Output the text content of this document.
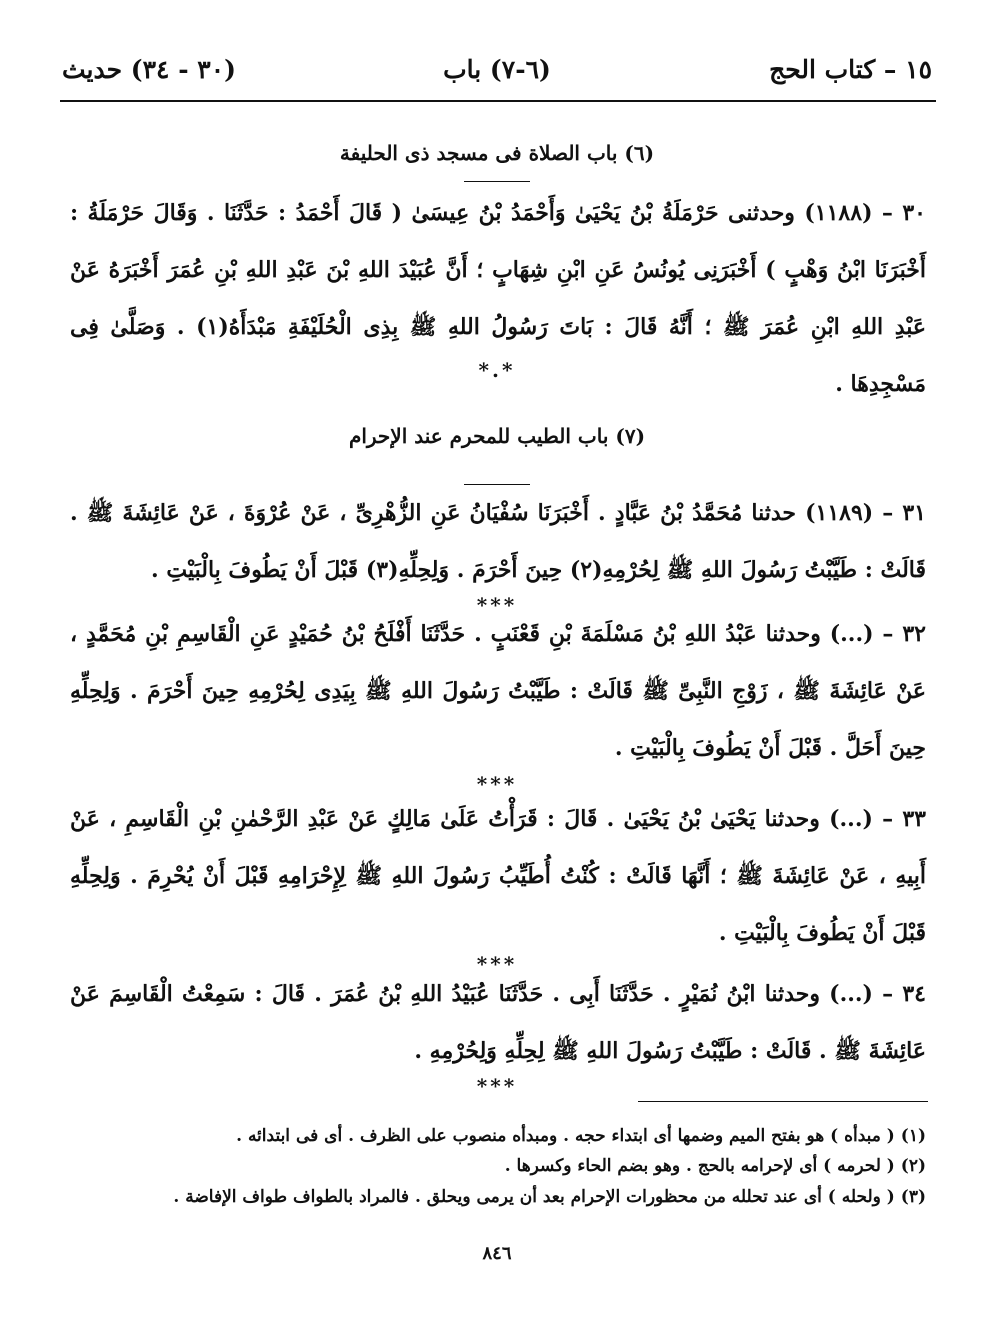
١٥ – كتاب الحج
(٦-٧) باب
(٣٠ - ٣٤) حديث
(٦) باب الصلاة فى مسجد ذى الحليفة
٣٠ – (١١٨٨) وحدثنى حَرْمَلَةُ بْنُ يَحْيَىٰ وَأَحْمَدُ بْنُ عِيسَىٰ ( قَالَ أَحْمَدُ : حَدَّثَنَا . وَقَالَ حَرْمَلَةُ : أَخْبَرَنَا ابْنُ وَهْبٍ ) أَخْبَرَنِى يُونُسُ عَنِ ابْنِ شِهَابٍ ؛ أَنَّ عُبَيْدَ اللهِ بْنَ عَبْدِ اللهِ بْنِ عُمَرَ أَخْبَرَهُ عَنْ عَبْدِ اللهِ ابْنِ عُمَرَ ﷺ ؛ أَنَّهُ قَالَ : بَاتَ رَسُولُ اللهِ ﷺ بِذِى الْحُلَيْفَةِ مَبْدَأَهُ(١) . وَصَلَّىٰ فِى مَسْجِدِهَا .
*.*
(٧) باب الطيب للمحرم عند الإحرام
٣١ – (١١٨٩) حدثنا مُحَمَّدُ بْنُ عَبَّادٍ . أَخْبَرَنَا سُفْيَانُ عَنِ الزُّهْرِىِّ ، عَنْ عُرْوَةَ ، عَنْ عَائِشَةَ ﷺ . قَالَتْ : طَيَّبْتُ رَسُولَ اللهِ ﷺ لِحُرْمِهِ(٢) حِينَ أَحْرَمَ . وَلِحِلِّهِ(٣) قَبْلَ أَنْ يَطُوفَ بِالْبَيْتِ .
***
٣٢ – (...) وحدثنا عَبْدُ اللهِ بْنُ مَسْلَمَةَ بْنِ قَعْنَبٍ . حَدَّثَنَا أَفْلَحُ بْنُ حُمَيْدٍ عَنِ الْقَاسِمِ بْنِ مُحَمَّدٍ ، عَنْ عَائِشَةَ ﷺ ، زَوْجِ النَّبِىِّ ﷺ قَالَتْ : طَيَّبْتُ رَسُولَ اللهِ ﷺ بِيَدِى لِحُرْمِهِ حِينَ أَحْرَمَ . وَلِحِلِّهِ حِينَ أَحَلَّ . قَبْلَ أَنْ يَطُوفَ بِالْبَيْتِ .
***
٣٣ – (...) وحدثنا يَحْيَىٰ بْنُ يَحْيَىٰ . قَالَ : قَرَأْتُ عَلَىٰ مَالِكٍ عَنْ عَبْدِ الرَّحْمٰنِ بْنِ الْقَاسِمِ ، عَنْ أَبِيهِ ، عَنْ عَائِشَةَ ﷺ ؛ أَنَّهَا قَالَتْ : كُنْتُ أُطَيِّبُ رَسُولَ اللهِ ﷺ لِإِحْرَامِهِ قَبْلَ أَنْ يُحْرِمَ . وَلِحِلِّهِ قَبْلَ أَنْ يَطُوفَ بِالْبَيْتِ .
***
٣٤ – (...) وحدثنا ابْنُ نُمَيْرٍ . حَدَّثَنَا أَبِى . حَدَّثَنَا عُبَيْدُ اللهِ بْنُ عُمَرَ . قَالَ : سَمِعْتُ الْقَاسِمَ عَنْ عَائِشَةَ ﷺ . قَالَتْ : طَيَّبْتُ رَسُولَ اللهِ ﷺ لِحِلِّهِ وَلِحُرْمِهِ .
***
(١) ( مبدأه ) هو بفتح الميم وضمها أى ابتداء حجه . ومبدأه منصوب على الظرف . أى فى ابتدائه .
(٢) ( لحرمه ) أى لإحرامه بالحج . وهو بضم الحاء وكسرها .
(٣) ( ولحله ) أى عند تحلله من محظورات الإحرام بعد أن يرمى ويحلق . فالمراد بالطواف طواف الإفاضة .
٨٤٦
